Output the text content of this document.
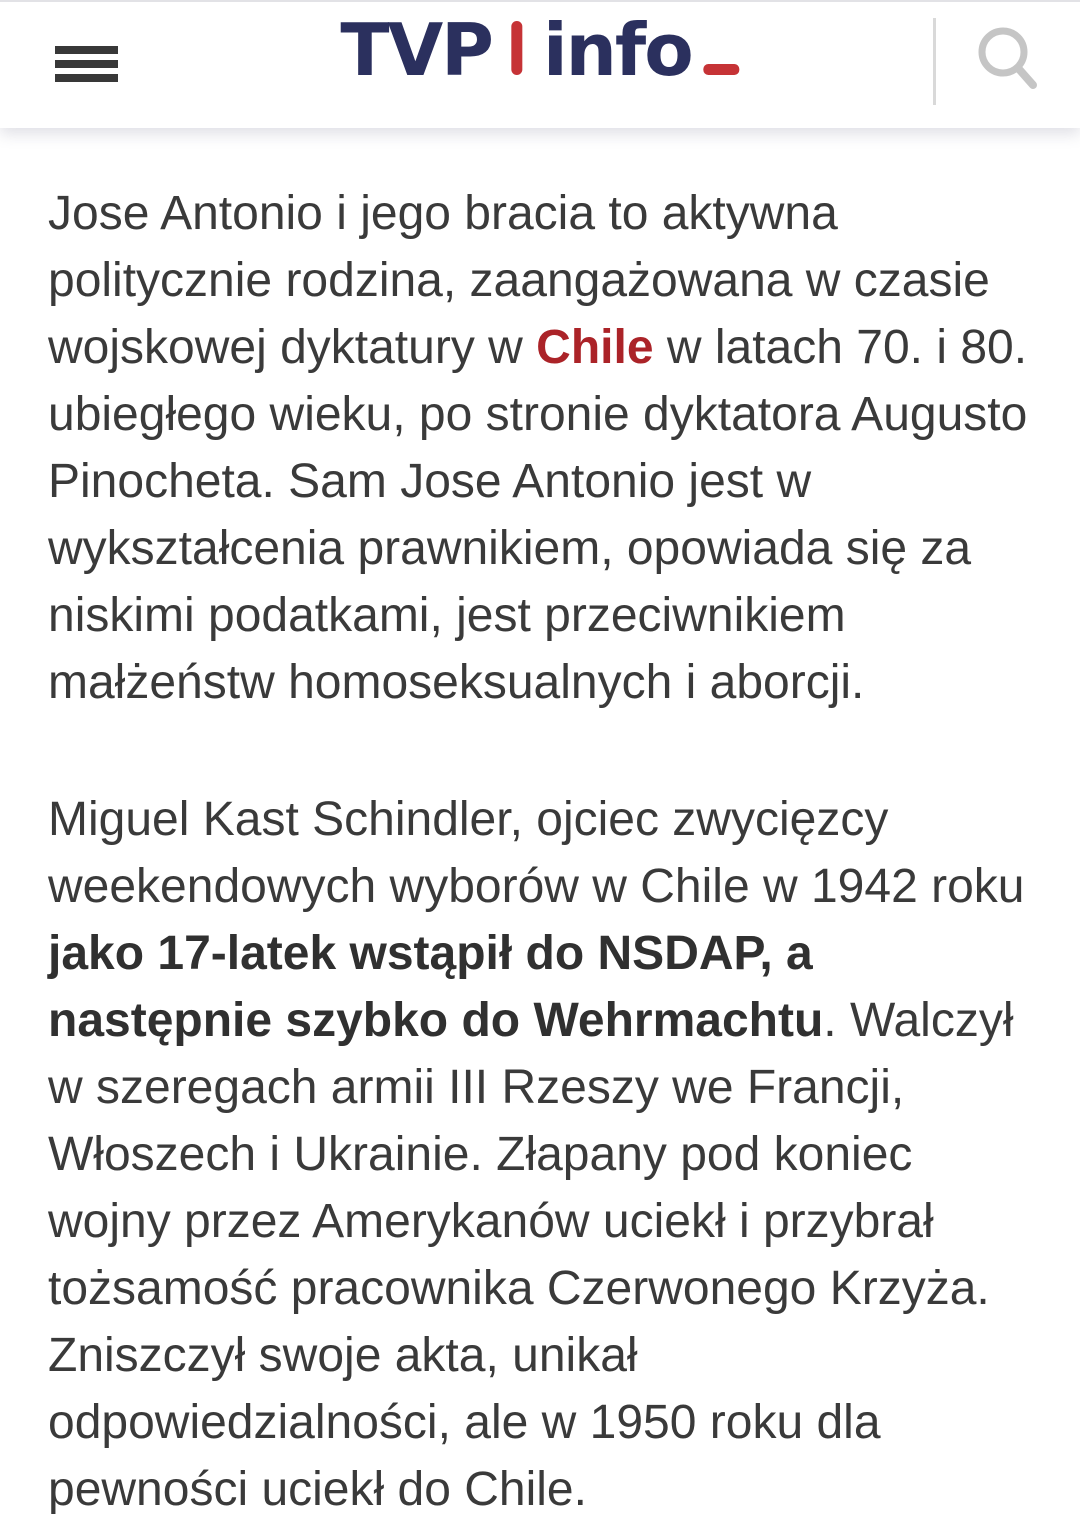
TVP info

Jose Antonio i jego bracia to aktywna politycznie rodzina, zaangażowana w czasie wojskowej dyktatury w Chile w latach 70. i 80. ubiegłego wieku, po stronie dyktatora Augusto Pinocheta. Sam Jose Antonio jest w wykształcenia prawnikiem, opowiada się za niskimi podatkami, jest przeciwnikiem małżeństw homoseksualnych i aborcji.

Miguel Kast Schindler, ojciec zwycięzcy weekendowych wyborów w Chile w 1942 roku jako 17-latek wstąpił do NSDAP, a następnie szybko do Wehrmachtu. Walczył w szeregach armii III Rzeszy we Francji, Włoszech i Ukrainie. Złapany pod koniec wojny przez Amerykanów uciekł i przybrał tożsamość pracownika Czerwonego Krzyża. Zniszczył swoje akta, unikał odpowiedzialności, ale w 1950 roku dla pewności uciekł do Chile.
